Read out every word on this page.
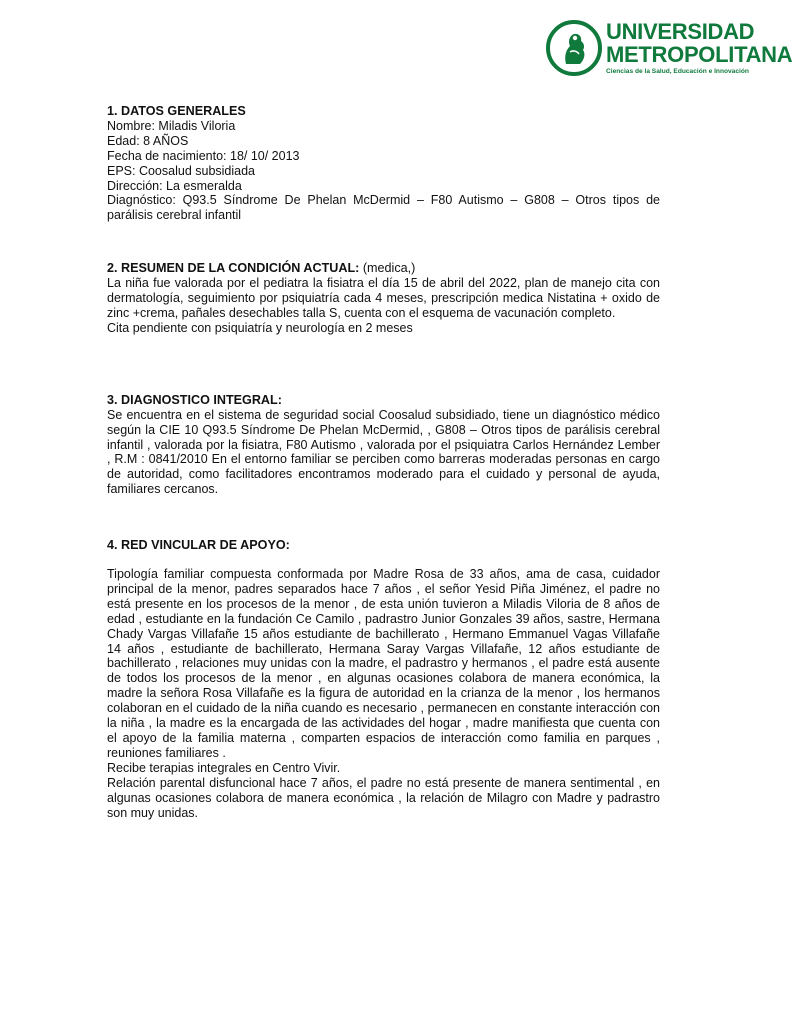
UNIVERSIDAD
METROPOLITANA
Ciencias de la Salud, Educación e Innovación

1. DATOS GENERALES

Nombre: Miladis Viloria

Edad: 8 AÑOS

Fecha de nacimiento: 18/ 10/ 2013

EPS: Coosalud subsidiada

Dirección: La esmeralda

Diagnóstico: Q93.5 Síndrome De Phelan McDermid – F80 Autismo – G808 – Otros tipos de parálisis cerebral infantil

2. RESUMEN DE LA CONDICIÓN ACTUAL: (medica,)

La niña fue valorada por el pediatra la fisiatra el día 15 de abril del 2022, plan de manejo cita con dermatología, seguimiento por psiquiatría cada 4 meses, prescripción medica Nistatina + oxido de zinc +crema, pañales desechables talla S, cuenta con el esquema de vacunación completo.

Cita pendiente con psiquiatría y neurología en 2 meses

3. DIAGNOSTICO INTEGRAL:

Se encuentra en el sistema de seguridad social Coosalud subsidiado, tiene un diagnóstico médico según la CIE 10 Q93.5 Síndrome De Phelan McDermid, , G808 – Otros tipos de parálisis cerebral infantil , valorada por la fisiatra, F80 Autismo , valorada por el psiquiatra Carlos Hernández Lember , R.M : 0841/2010 En el entorno familiar se perciben como barreras moderadas personas en cargo de autoridad, como facilitadores encontramos moderado para el cuidado y personal de ayuda, familiares cercanos.

4. RED VINCULAR DE APOYO:

Tipología familiar compuesta conformada por Madre Rosa de 33 años, ama de casa, cuidador principal de la menor, padres separados hace 7 años , el señor Yesid Piña Jiménez, el padre no está presente en los procesos de la menor , de esta unión tuvieron a Miladis Viloria de 8 años de edad , estudiante en la fundación Ce Camilo , padrastro Junior Gonzales 39 años, sastre, Hermana Chady Vargas Villafañe 15 años estudiante de bachillerato , Hermano Emmanuel Vagas Villafañe 14 años , estudiante de bachillerato, Hermana Saray Vargas Villafañe, 12 años estudiante de bachillerato , relaciones muy unidas con la madre, el padrastro y hermanos , el padre está ausente de todos los procesos de la menor , en algunas ocasiones colabora de manera económica, la madre la señora Rosa Villafañe es la figura de autoridad en la crianza de la menor , los hermanos colaboran en el cuidado de la niña cuando es necesario , permanecen en constante interacción con la niña , la madre es la encargada de las actividades del hogar , madre manifiesta que cuenta con el apoyo de la familia materna , comparten espacios de interacción como familia en parques , reuniones familiares .

Recibe terapias integrales en Centro Vivir.

Relación parental disfuncional hace 7 años, el padre no está presente de manera sentimental , en algunas ocasiones colabora de manera económica , la relación de Milagro con Madre y padrastro son muy unidas.
